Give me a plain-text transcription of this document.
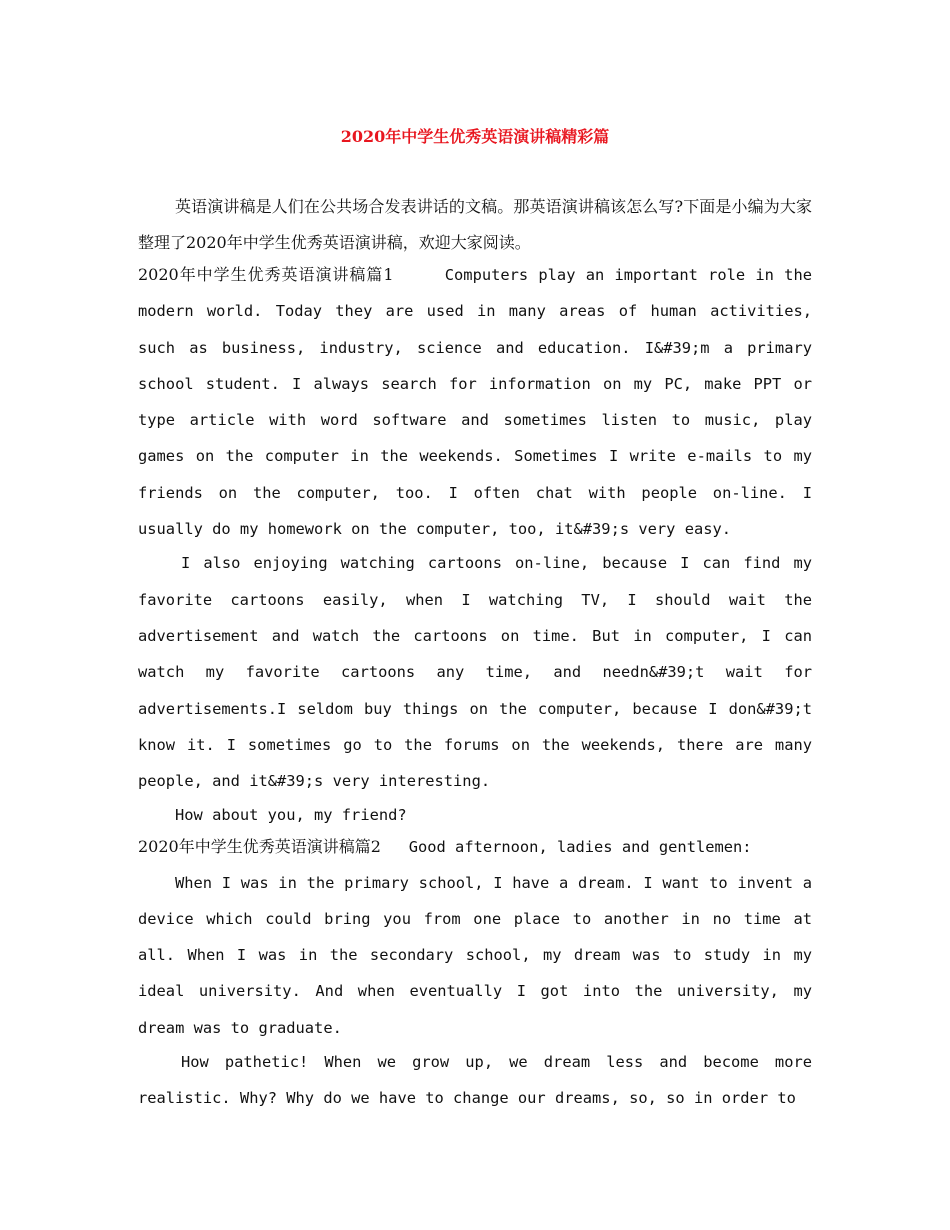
2020年中学生优秀英语演讲稿精彩篇

英语演讲稿是人们在公共场合发表讲话的文稿。那英语演讲稿该怎么写?下面是小编为大家整理了2020年中学生优秀英语演讲稿，欢迎大家阅读。

2020年中学生优秀英语演讲稿篇1	Computers play an important role in the modern world. Today they are used in many areas of human activities, such as business, industry, science and education. I&#39;m a primary school student. I always search for information on my PC, make PPT or type article with word software and sometimes listen to music, play games on the computer in the weekends. Sometimes I write e-mails to my friends on the computer, too. I often chat with people on-line. I usually do my homework on the computer, too, it&#39;s very easy.

I also enjoying watching cartoons on-line, because I can find my favorite cartoons easily, when I watching TV, I should wait the advertisement and watch the cartoons on time. But in computer, I can watch my favorite cartoons any time, and needn&#39;t wait for advertisements.I seldom buy things on the computer, because I don&#39;t know it. I sometimes go to the forums on the weekends, there are many people, and it&#39;s very interesting.

How about you, my friend?

2020年中学生优秀英语演讲稿篇2 Good afternoon, ladies and gentlemen:

When I was in the primary school, I have a dream. I want to invent a device which could bring you from one place to another in no time at all. When I was in the secondary school, my dream was to study in my ideal university. And when eventually I got into the university, my dream was to graduate.

How pathetic! When we grow up, we dream less and become more realistic. Why? Why do we have to change our dreams, so, so in order to
